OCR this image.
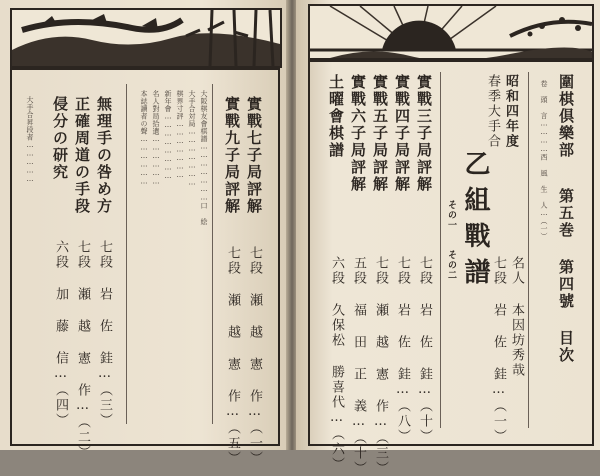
實戰七子局評解
七段 瀬 越 憲 作…（一）
實戰九子局評解
七段 瀬 越 憲 作…（五）
大阪棋友會棋譜…………………口 絵
大手合対局…………………
棋界寸評…………………
新年會……………………
名人對局拾遺………………
本誌讀者の聲………………
無理手の咎め方
七段 岩 佐 銈…（三）
正確周道の手段
七段 瀬 越 憲 作…（二）
侵分の研究
六段 加 藤 信…（四）
大手合昇段者……………	圍棋倶樂部
第五巻 第四號 目次
卷 頭 言…………西 風 生 人…（一）
昭和四年度
春季大手合
乙組戰譜
名人 本因坊秀哉
七段 岩 佐 銈…（一）
その一
その二
實戰三子局評解
七段 岩 佐 銈…（十）
實戰四子局評解
七段 岩 佐 銈…（八）
實戰五子局評解
七段 瀬 越 憲 作…（三）
實戰六子局評解
五段 福 田 正 義…（十）
土曜會棋譜
六段 久保松 勝喜代…（六）
